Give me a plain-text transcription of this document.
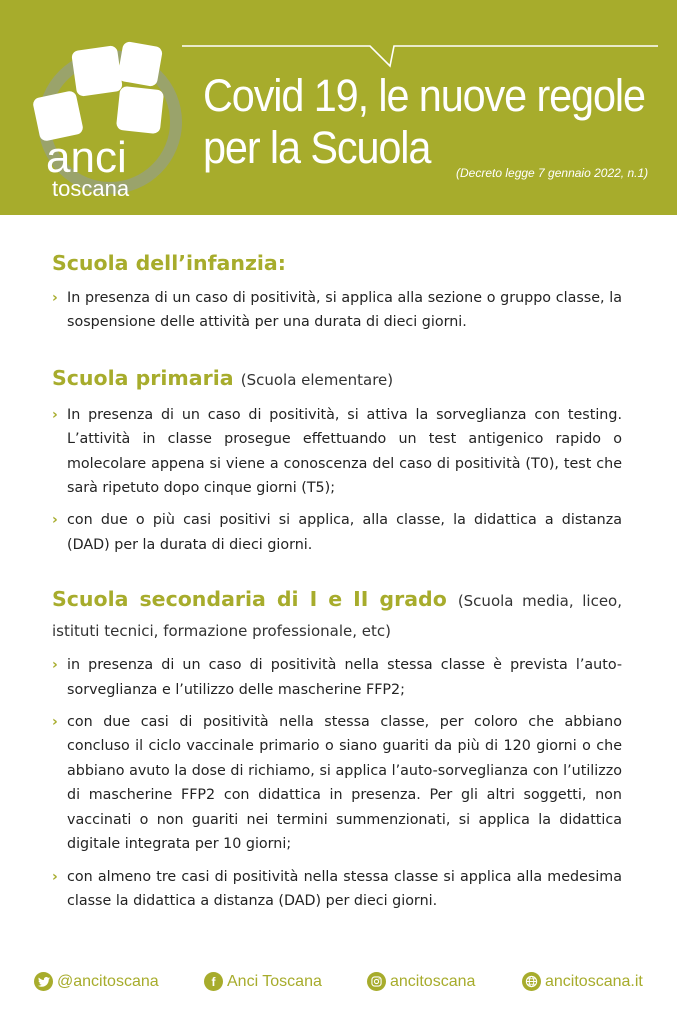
anci
toscana
Covid 19, le nuove regole
per la Scuola	(Decreto legge 7 gennaio 2022, n.1)
Scuola dell’infanzia:
› In presenza di un caso di positività, si applica alla sezione o gruppo classe, la sospensione delle attività per una durata di dieci giorni.
Scuola primaria (Scuola elementare)
› In presenza di un caso di positività, si attiva la sorveglianza con testing. L’attività in classe prosegue effettuando un test antigenico rapido o molecolare appena si viene a conoscenza del caso di positività (T0), test che sarà ripetuto dopo cinque giorni (T5);
› con due o più casi positivi si applica, alla classe, la didattica a distanza (DAD) per la durata di dieci giorni.
Scuola secondaria di I e II grado (Scuola media, liceo, istituti tecnici, formazione professionale, etc)
› in presenza di un caso di positività nella stessa classe è prevista l’auto-sorveglianza e l’utilizzo delle mascherine FFP2;
› con due casi di positività nella stessa classe, per coloro che abbiano concluso il ciclo vaccinale primario o siano guariti da più di 120 giorni o che abbiano avuto la dose di richiamo, si applica l’auto-sorveglianza con l’utilizzo di mascherine FFP2 con didattica in presenza. Per gli altri soggetti, non vaccinati o non guariti nei termini summenzionati, si applica la didattica digitale integrata per 10 giorni;
› con almeno tre casi di positività nella stessa classe si applica alla medesima classe la didattica a distanza (DAD) per dieci giorni.
@ancitoscana	f Anci Toscana	ancitoscana	ancitoscana.it
